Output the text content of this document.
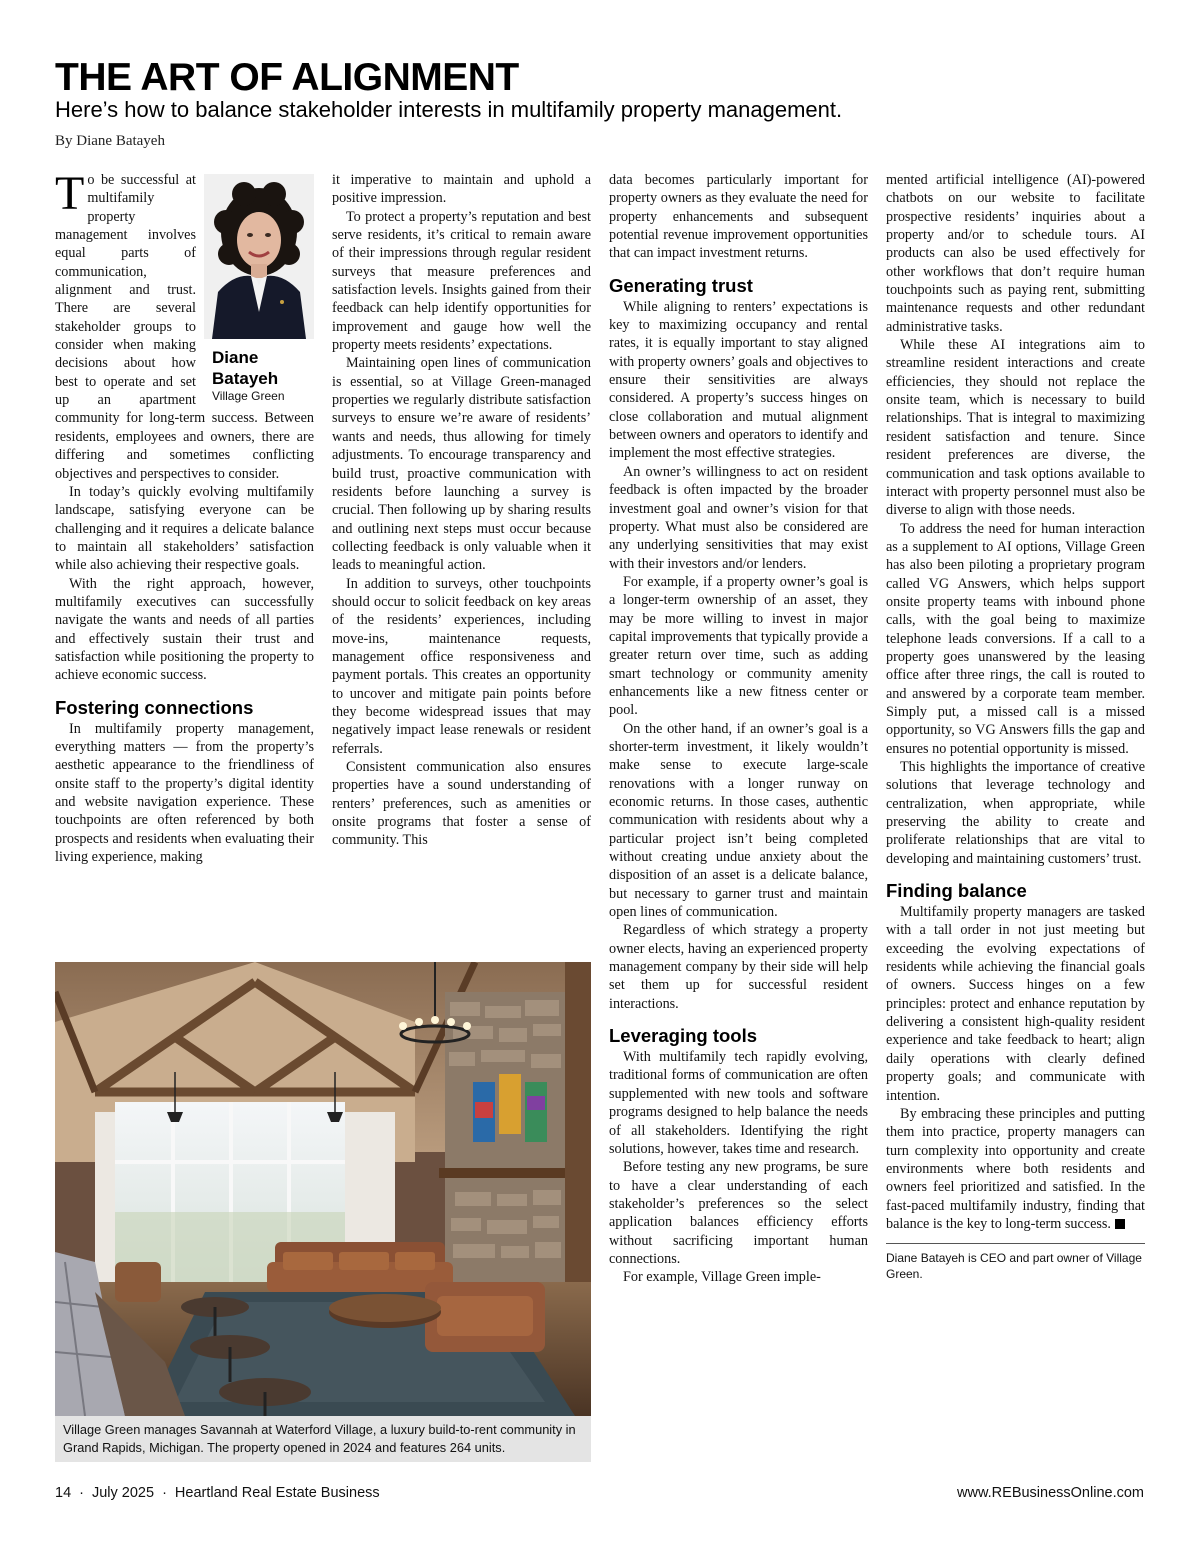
THE ART OF ALIGNMENT
Here’s how to balance stakeholder interests in multifamily property management.
By Diane Batayeh
Diane
Batayeh
Village Green

To be successful at multifamily property management involves equal parts of communication, alignment and trust. There are several stakeholder groups to consider when making decisions about how best to operate and set up an apartment community for long-term success. Between residents, employees and owners, there are differing and sometimes conflicting objectives and perspectives to consider.

In today’s quickly evolving multifamily landscape, satisfying everyone can be challenging and it requires a delicate balance to maintain all stakeholders’ satisfaction while also achieving their respective goals.

With the right approach, however, multifamily executives can successfully navigate the wants and needs of all parties and effectively sustain their trust and satisfaction while positioning the property to achieve economic success.

Fostering connections

In multifamily property management, everything matters — from the property’s aesthetic appearance to the friendliness of onsite staff to the property’s digital identity and website navigation experience. These touchpoints are often referenced by both prospects and residents when evaluating their living experience, making

it imperative to maintain and uphold a positive impression.

To protect a property’s reputation and best serve residents, it’s critical to remain aware of their impressions through regular resident surveys that measure preferences and satisfaction levels. Insights gained from their feedback can help identify opportunities for improvement and gauge how well the property meets residents’ expectations.

Maintaining open lines of communication is essential, so at Village Green-managed properties we regularly distribute satisfaction surveys to ensure we’re aware of residents’ wants and needs, thus allowing for timely adjustments. To encourage transparency and build trust, proactive communication with residents before launching a survey is crucial. Then following up by sharing results and outlining next steps must occur because collecting feedback is only valuable when it leads to meaningful action.

In addition to surveys, other touchpoints should occur to solicit feedback on key areas of the residents’ experiences, including move-ins, maintenance requests, management office responsiveness and payment portals. This creates an opportunity to uncover and mitigate pain points before they become widespread issues that may negatively impact lease renewals or resident referrals.

Consistent communication also ensures properties have a sound understanding of renters’ preferences, such as amenities or onsite programs that foster a sense of community. This

data becomes particularly important for property owners as they evaluate the need for property enhancements and subsequent potential revenue improvement opportunities that can impact investment returns.

Generating trust

While aligning to renters’ expectations is key to maximizing occupancy and rental rates, it is equally important to stay aligned with property owners’ goals and objectives to ensure their sensitivities are always considered. A property’s success hinges on close collaboration and mutual alignment between owners and operators to identify and implement the most effective strategies.

An owner’s willingness to act on resident feedback is often impacted by the broader investment goal and owner’s vision for that property. What must also be considered are any underlying sensitivities that may exist with their investors and/or lenders.

For example, if a property owner’s goal is a longer-term ownership of an asset, they may be more willing to invest in major capital improvements that typically provide a greater return over time, such as adding smart technology or community amenity enhancements like a new fitness center or pool.

On the other hand, if an owner’s goal is a shorter-term investment, it likely wouldn’t make sense to execute large-scale renovations with a longer runway on economic returns. In those cases, authentic communication with residents about why a particular project isn’t being completed without creating undue anxiety about the disposition of an asset is a delicate balance, but necessary to garner trust and maintain open lines of communication.

Regardless of which strategy a property owner elects, having an experienced property management company by their side will help set them up for successful resident interactions.

Leveraging tools

With multifamily tech rapidly evolving, traditional forms of communication are often supplemented with new tools and software programs designed to help balance the needs of all stakeholders. Identifying the right solutions, however, takes time and research.

Before testing any new programs, be sure to have a clear understanding of each stakeholder’s preferences so the select application balances efficiency efforts without sacrificing important human connections.

For example, Village Green imple-

mented artificial intelligence (AI)-powered chatbots on our website to facilitate prospective residents’ inquiries about a property and/or to schedule tours. AI products can also be used effectively for other workflows that don’t require human touchpoints such as paying rent, submitting maintenance requests and other redundant administrative tasks.

While these AI integrations aim to streamline resident interactions and create efficiencies, they should not replace the onsite team, which is necessary to build relationships. That is integral to maximizing resident satisfaction and tenure. Since resident preferences are diverse, the communication and task options available to interact with property personnel must also be diverse to align with those needs.

To address the need for human interaction as a supplement to AI options, Village Green has also been piloting a proprietary program called VG Answers, which helps support onsite property teams with inbound phone calls, with the goal being to maximize telephone leads conversions. If a call to a property goes unanswered by the leasing office after three rings, the call is routed to and answered by a corporate team member. Simply put, a missed call is a missed opportunity, so VG Answers fills the gap and ensures no potential opportunity is missed.

This highlights the importance of creative solutions that leverage technology and centralization, when appropriate, while preserving the ability to create and proliferate relationships that are vital to developing and maintaining customers’ trust.

Finding balance

Multifamily property managers are tasked with a tall order in not just meeting but exceeding the evolving expectations of residents while achieving the financial goals of owners. Success hinges on a few principles: protect and enhance reputation by delivering a consistent high-quality resident experience and take feedback to heart; align daily operations with clearly defined property goals; and communicate with intention.

By embracing these principles and putting them into practice, property managers can turn complexity into opportunity and create environments where both residents and owners feel prioritized and satisfied. In the fast-paced multifamily industry, finding that balance is the key to long-term success.

Diane Batayeh is CEO and part owner of Village Green.
Village Green manages Savannah at Waterford Village, a luxury build-to-rent community in Grand Rapids, Michigan. The property opened in 2024 and features 264 units.
14 · July 2025 · Heartland Real Estate Business	www.REBusinessOnline.com
